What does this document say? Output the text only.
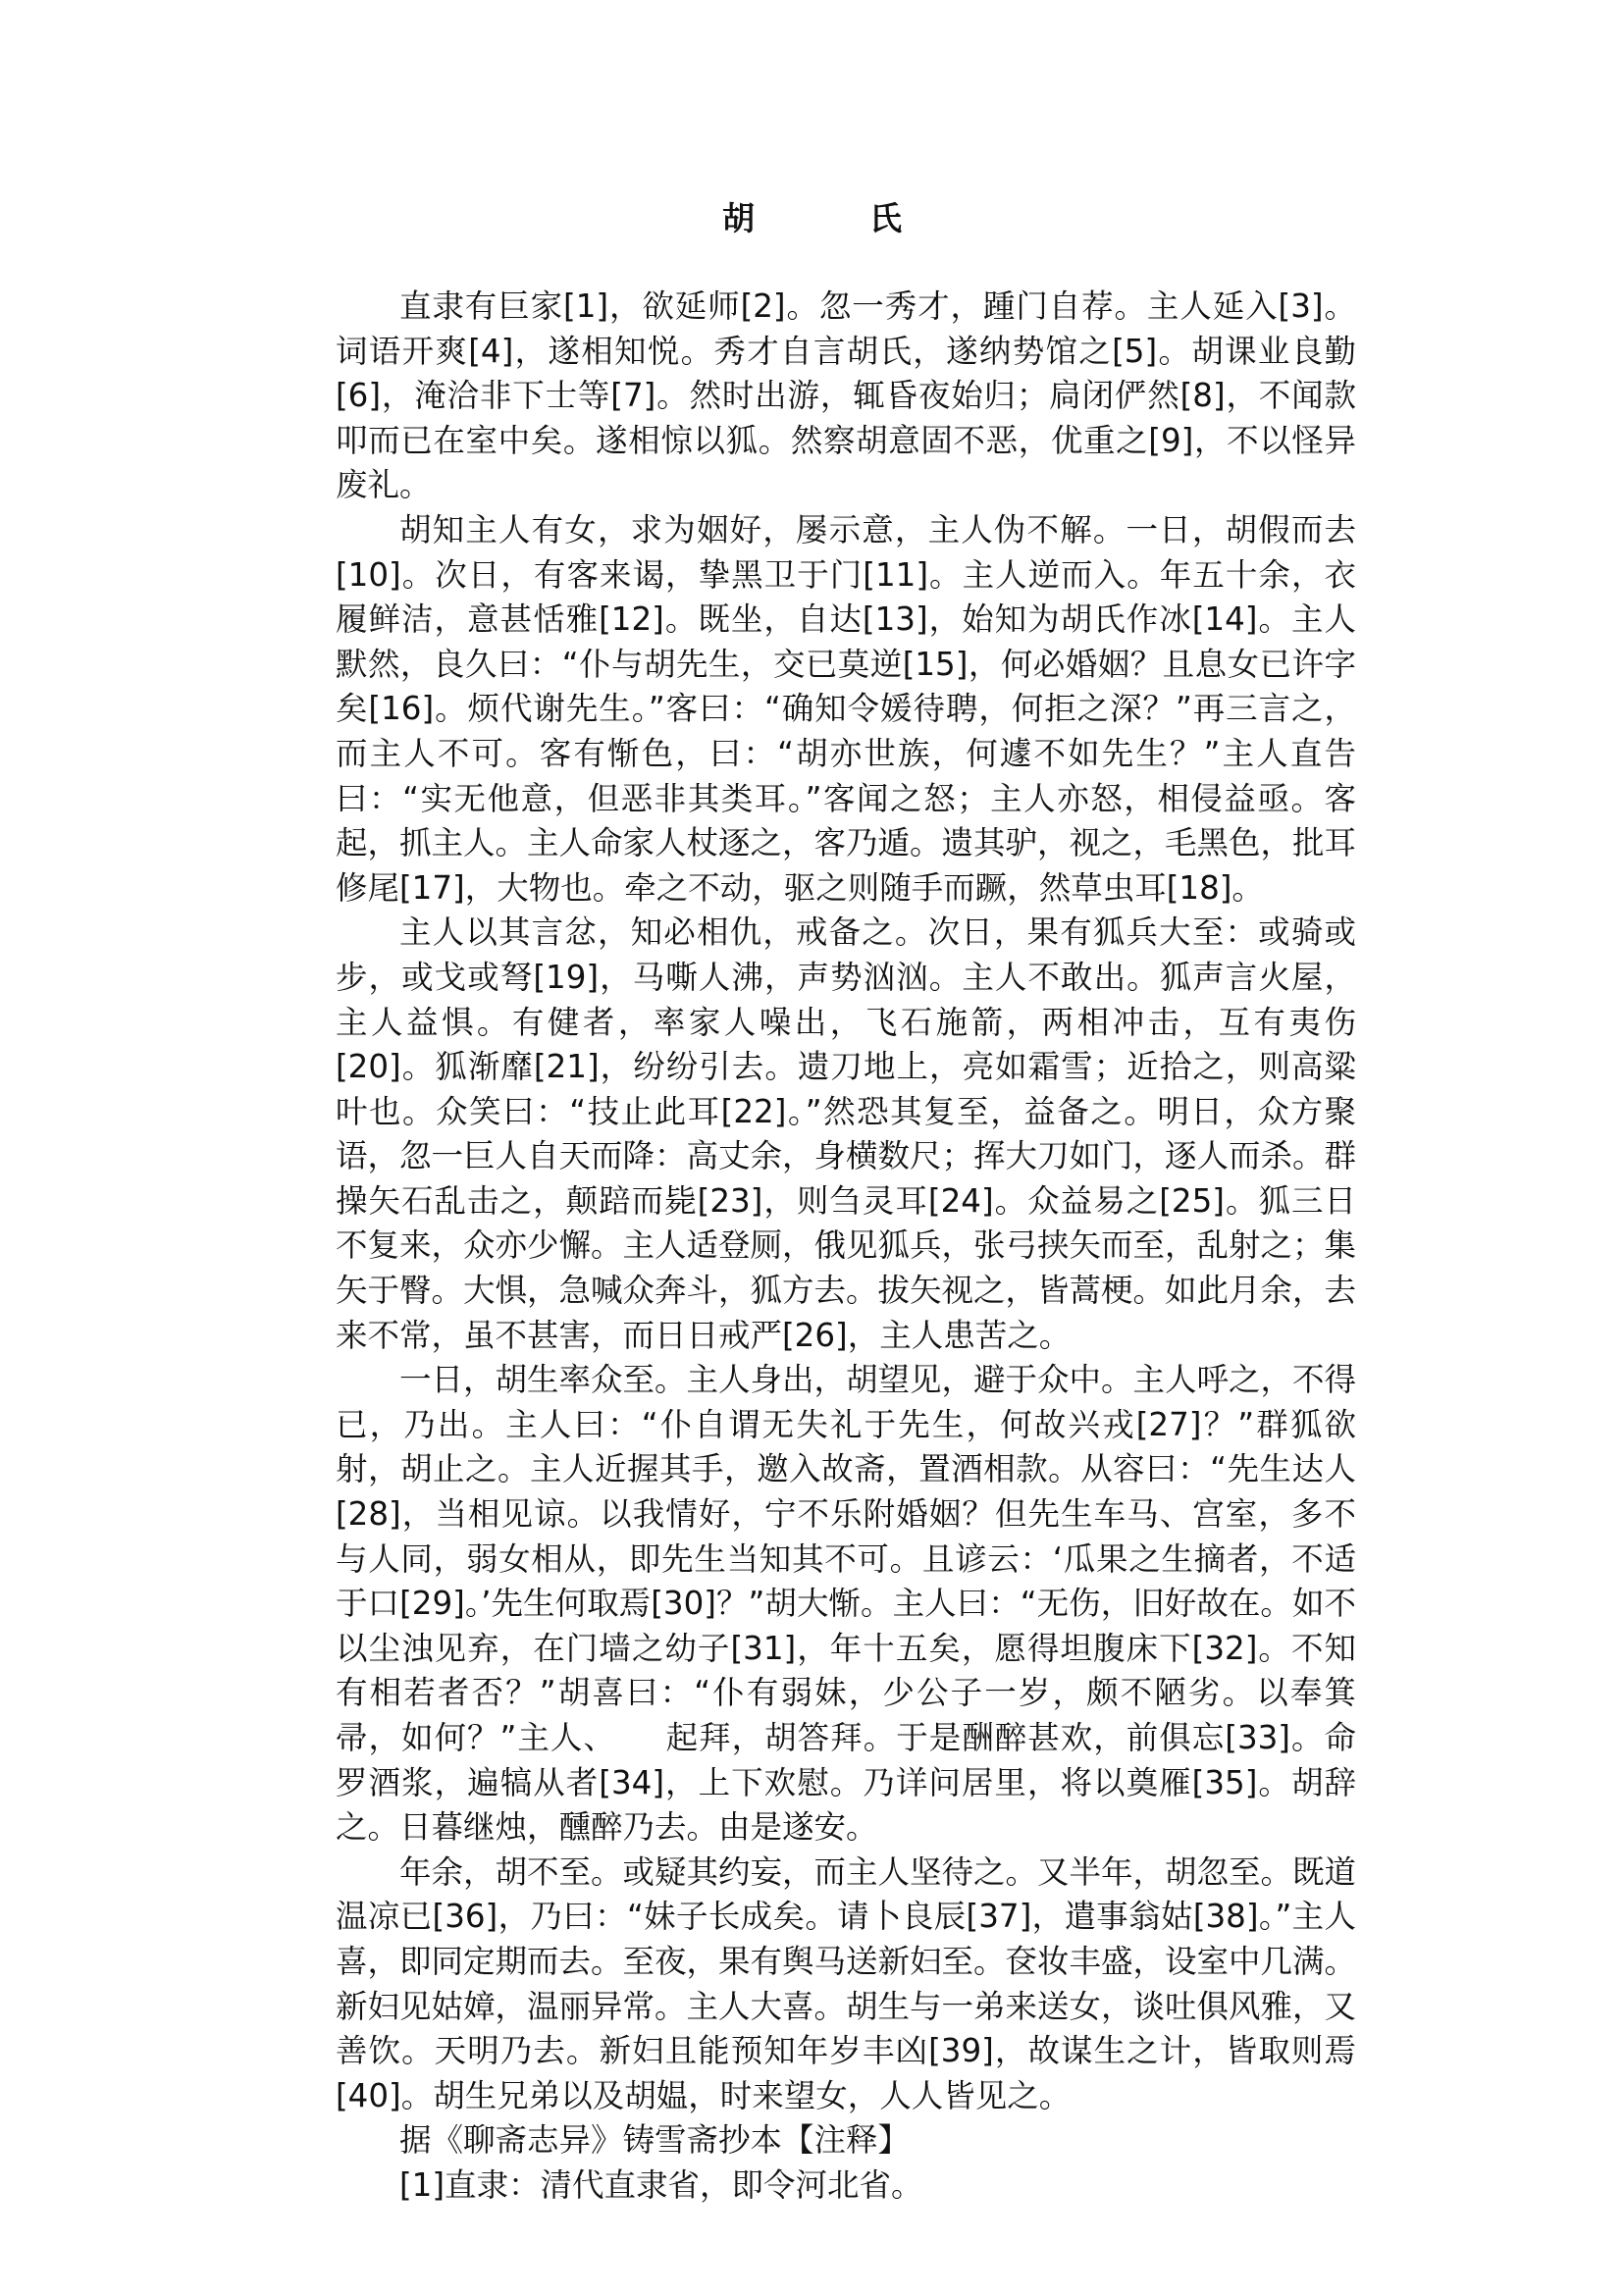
胡　氏

直隶有巨家[1]，欲延师[2]。忽一秀才，踵门自荐。主人延入[3]。词语开爽[4]，遂相知悦。秀才自言胡氏，遂纳势馆之[5]。胡课业良勤[6]，淹洽非下士等[7]。然时出游，辄昏夜始归；扃闭俨然[8]，不闻款叩而已在室中矣。遂相惊以狐。然察胡意固不恶，优重之[9]，不以怪异废礼。

胡知主人有女，求为姻好，屡示意，主人伪不解。一日，胡假而去[10]。次日，有客来谒，挚黑卫于门[11]。主人逆而入。年五十余，衣履鲜洁，意甚恬雅[12]。既坐，自达[13]，始知为胡氏作冰[14]。主人默然，良久曰：“仆与胡先生，交已莫逆[15]，何必婚姻？且息女已许字矣[16]。烦代谢先生。”客曰：“确知令媛待聘，何拒之深？”再三言之，而主人不可。客有惭色，曰：“胡亦世族，何遽不如先生？”主人直告曰：“实无他意，但恶非其类耳。”客闻之怒；主人亦怒，相侵益亟。客起，抓主人。主人命家人杖逐之，客乃遁。遗其驴，视之，毛黑色，批耳修尾[17]，大物也。牵之不动，驱之则随手而蹶，然草虫耳[18]。

主人以其言忿，知必相仇，戒备之。次日，果有狐兵大至：或骑或步，或戈或弩[19]，马嘶人沸，声势汹汹。主人不敢出。狐声言火屋，主人益惧。有健者，率家人噪出，飞石施箭，两相冲击，互有夷伤[20]。狐渐靡[21]，纷纷引去。遗刀地上，亮如霜雪；近拾之，则高粱叶也。众笑曰：“技止此耳[22]。”然恐其复至，益备之。明日，众方聚语，忽一巨人自天而降：高丈余，身横数尺；挥大刀如门，逐人而杀。群操矢石乱击之，颠踣而毙[23]，则刍灵耳[24]。众益易之[25]。狐三日不复来，众亦少懈。主人适登厕，俄见狐兵，张弓挟矢而至，乱射之；集矢于臀。大惧，急喊众奔斗，狐方去。拔矢视之，皆蒿梗。如此月余，去来不常，虽不甚害，而日日戒严[26]，主人患苦之。

一日，胡生率众至。主人身出，胡望见，避于众中。主人呼之，不得已，乃出。主人曰：“仆自谓无失礼于先生，何故兴戎[27]？”群狐欲射，胡止之。主人近握其手，邀入故斋，置酒相款。从容曰：“先生达人[28]，当相见谅。以我情好，宁不乐附婚姻？但先生车马、宫室，多不与人同，弱女相从，即先生当知其不可。且谚云：‘瓜果之生摘者，不适于口[29]。’先生何取焉[30]？”胡大惭。主人曰：“无伤，旧好故在。如不以尘浊见弃，在门墙之幼子[31]，年十五矣，愿得坦腹床下[32]。不知有相若者否？”胡喜曰：“仆有弱妹，少公子一岁，颇不陋劣。以奉箕帚，如何？”主人、　　起拜，胡答拜。于是酬醉甚欢，前俱忘[33]。命罗酒浆，遍犒从者[34]，上下欢慰。乃详问居里，将以奠雁[35]。胡辞之。日暮继烛，醺醉乃去。由是遂安。

年余，胡不至。或疑其约妄，而主人坚待之。又半年，胡忽至。既道温凉已[36]，乃曰：“妹子长成矣。请卜良辰[37]，遣事翁姑[38]。”主人喜，即同定期而去。至夜，果有舆马送新妇至。奁妆丰盛，设室中几满。新妇见姑嫜，温丽异常。主人大喜。胡生与一弟来送女，谈吐俱风雅，又善饮。天明乃去。新妇且能预知年岁丰凶[39]，故谋生之计，皆取则焉[40]。胡生兄弟以及胡媪，时来望女，人人皆见之。

据《聊斋志异》铸雪斋抄本【注释】

[1]直隶：清代直隶省，即令河北省。
